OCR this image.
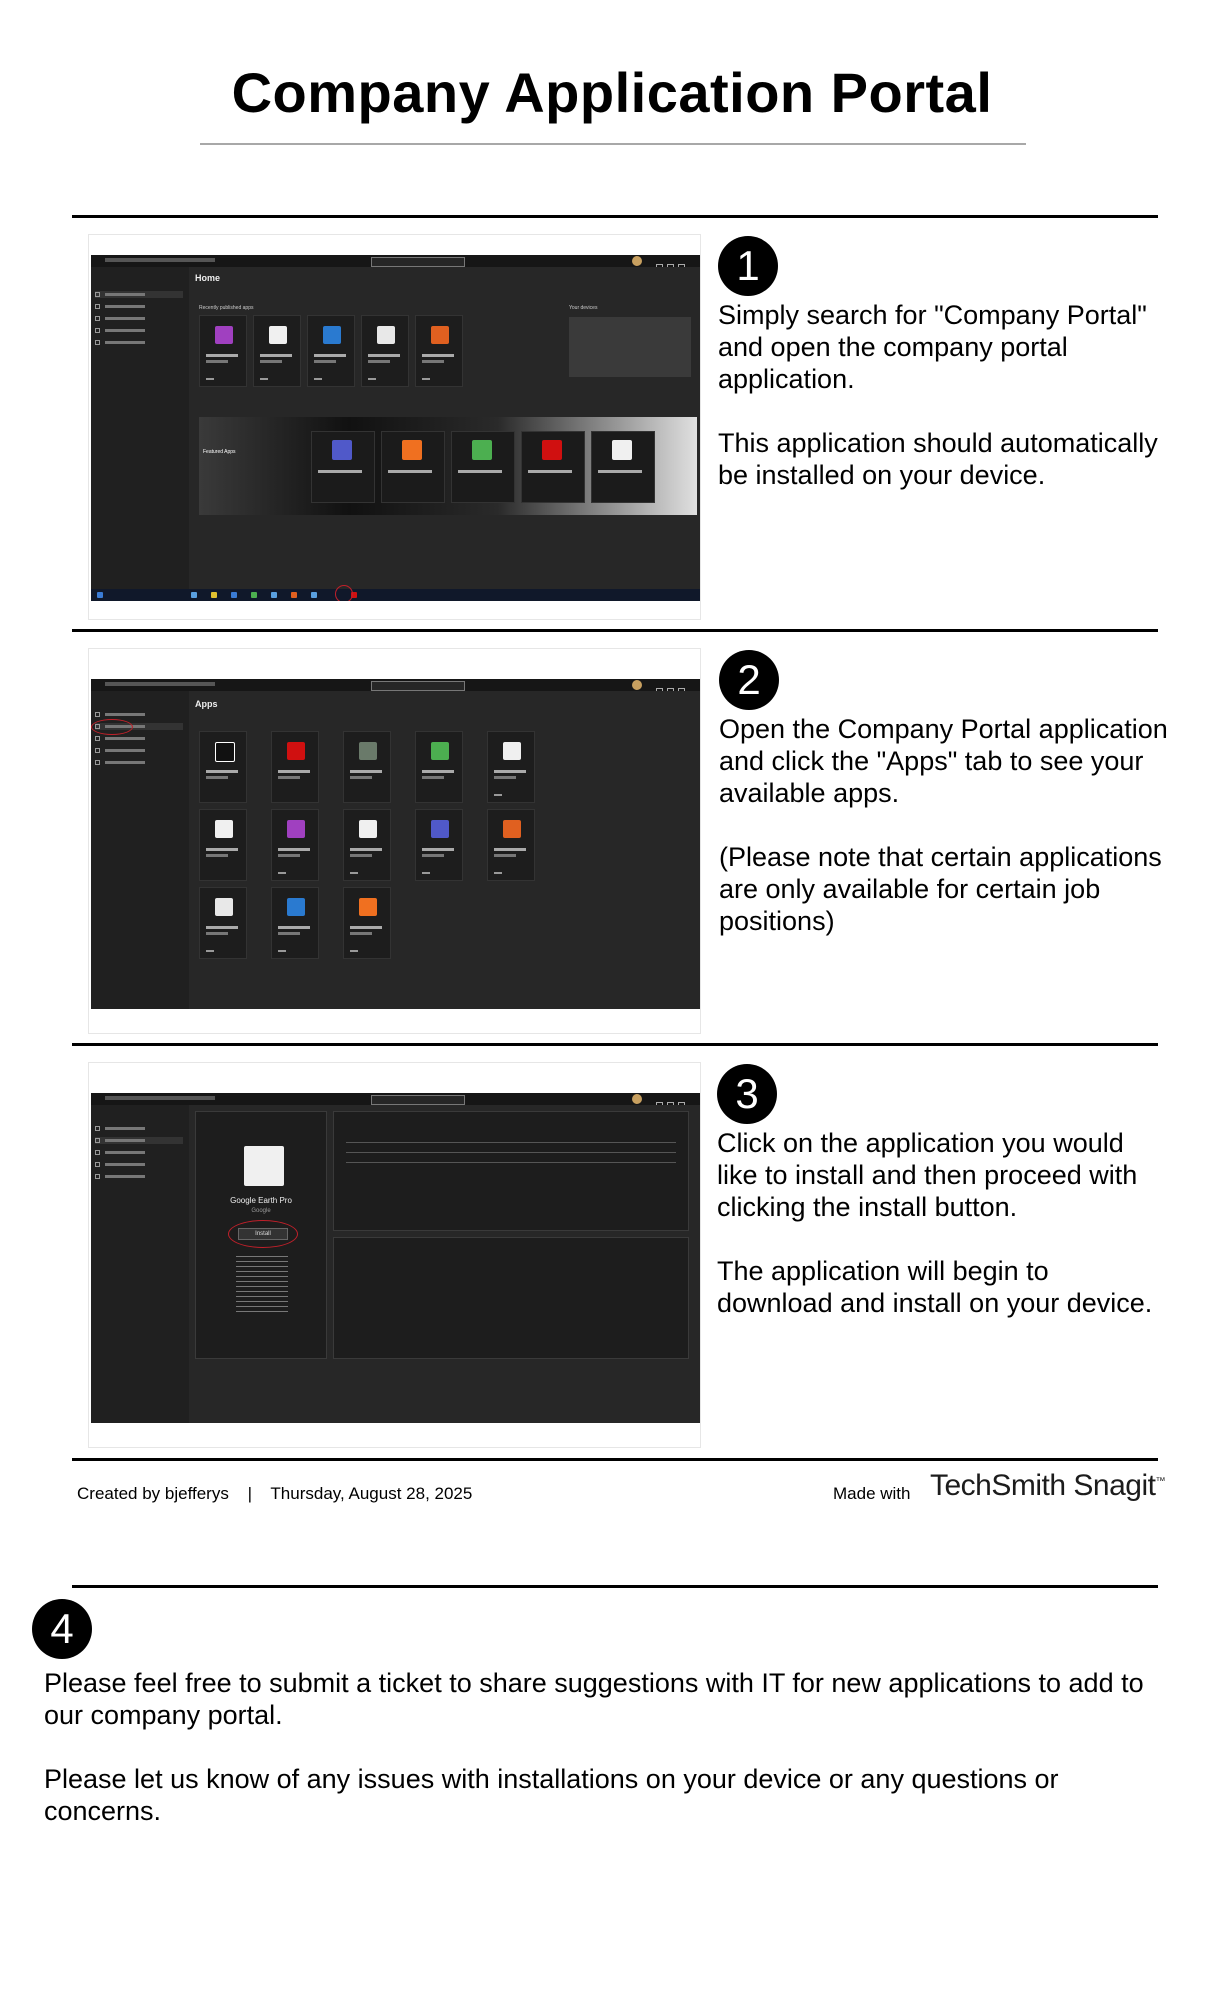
Company Application Portal
Home
Recently published apps	Your devices
Featured Apps
1

Simply search for "Company Portal" and open the company portal application.

This application should automatically be installed on your device.

Apps
2

Open the Company Portal application and click the "Apps" tab to see your available apps.

(Please note that certain applications are only available for certain job positions)

Google Earth Pro
Google
Install
3

Click on the application you would like to install and then proceed with clicking the install button.

The application will begin to download and install on your device.

Created by bjefferys | Thursday, August 28, 2025	Made with TechSmith Snagit™
4
Please feel free to submit a ticket to share suggestions with IT for new applications to add to our company portal.
Please let us know of any issues with installations on your device or any questions or concerns.
